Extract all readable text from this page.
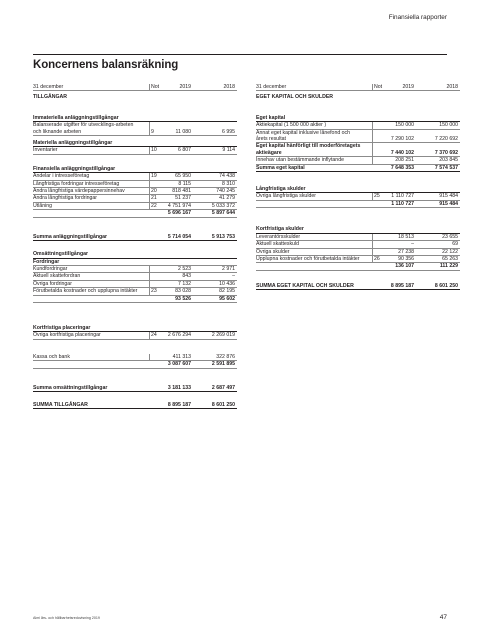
Finansiella rapporter
Koncernens balansräkning
31 december	Not	2019	2018
TILLGÅNGAR
Immateriella anläggningstillgångar
Balanserade utgifter för utvecklings-arbeten och liknande arbeten	9	11 080	6 995
Materiella anläggningstillgångar
Inventarier	10	6 807	9 114
Finansiella anläggningstillgångar
Andelar i intresseföretag	19	65 950	74 438
Långfristiga fordringar intresseföretag	8 115	8 310
Andra långfristiga värdepappersinnehav	20	818 481	740 245
Andra långfristiga fordringar	21	51 237	41 279
Utlåning	22	4 751 974	5 033 372

5 696 167	5 897 644
Summa anläggningstillgångar	5 714 054	5 913 753
Omsättningstillgångar
Fordringar
Kundfordringar	2 523	2 971
Aktuell skattefordran	843	–
Övriga fordringar	7 132	10 436
Förutbetalda kostnader och upplupna intäkter	23	83 028	82 195

93 526	95 602
Kortfristiga placeringar
Övriga kortfristiga placeringar	24	2 676 294	2 269 019
Kassa och bank	411 313	322 876

3 087 607	2 591 895
Summa omsättningstillgångar	3 181 133	2 687 497
SUMMA TILLGÅNGAR	8 895 187	8 601 250
31 december	Not	2019	2018
EGET KAPITAL OCH SKULDER
Eget kapital
Aktiekapital (1 500 000 aktier )	150 000	150 000
Annat eget kapital inklusive lånefond och årets resultat	7 290 102	7 220 692
Eget kapital hänförligt till moderföretagets aktieägare	7 440 102	7 370 692
Innehav utan bestämmande inflytande	208 251	203 845
Summa eget kapital	7 648 353	7 574 537
Långfristiga skulder
Övriga långfristiga skulder	25	1 110 727	915 484

1 110 727	915 484
Kortfristiga skulder
Leverantörsskulder	18 513	23 655
Aktuell skatteskuld	–	69
Övriga skulder	27 238	22 122
Upplupna kostnader och förutbetalda intäkter	26	90 356	65 263

136 107	111 229
SUMMA EGET KAPITAL OCH SKULDER	8 895 187	8 601 250
Almi års- och hållbarhetsredovisning 2019	47
